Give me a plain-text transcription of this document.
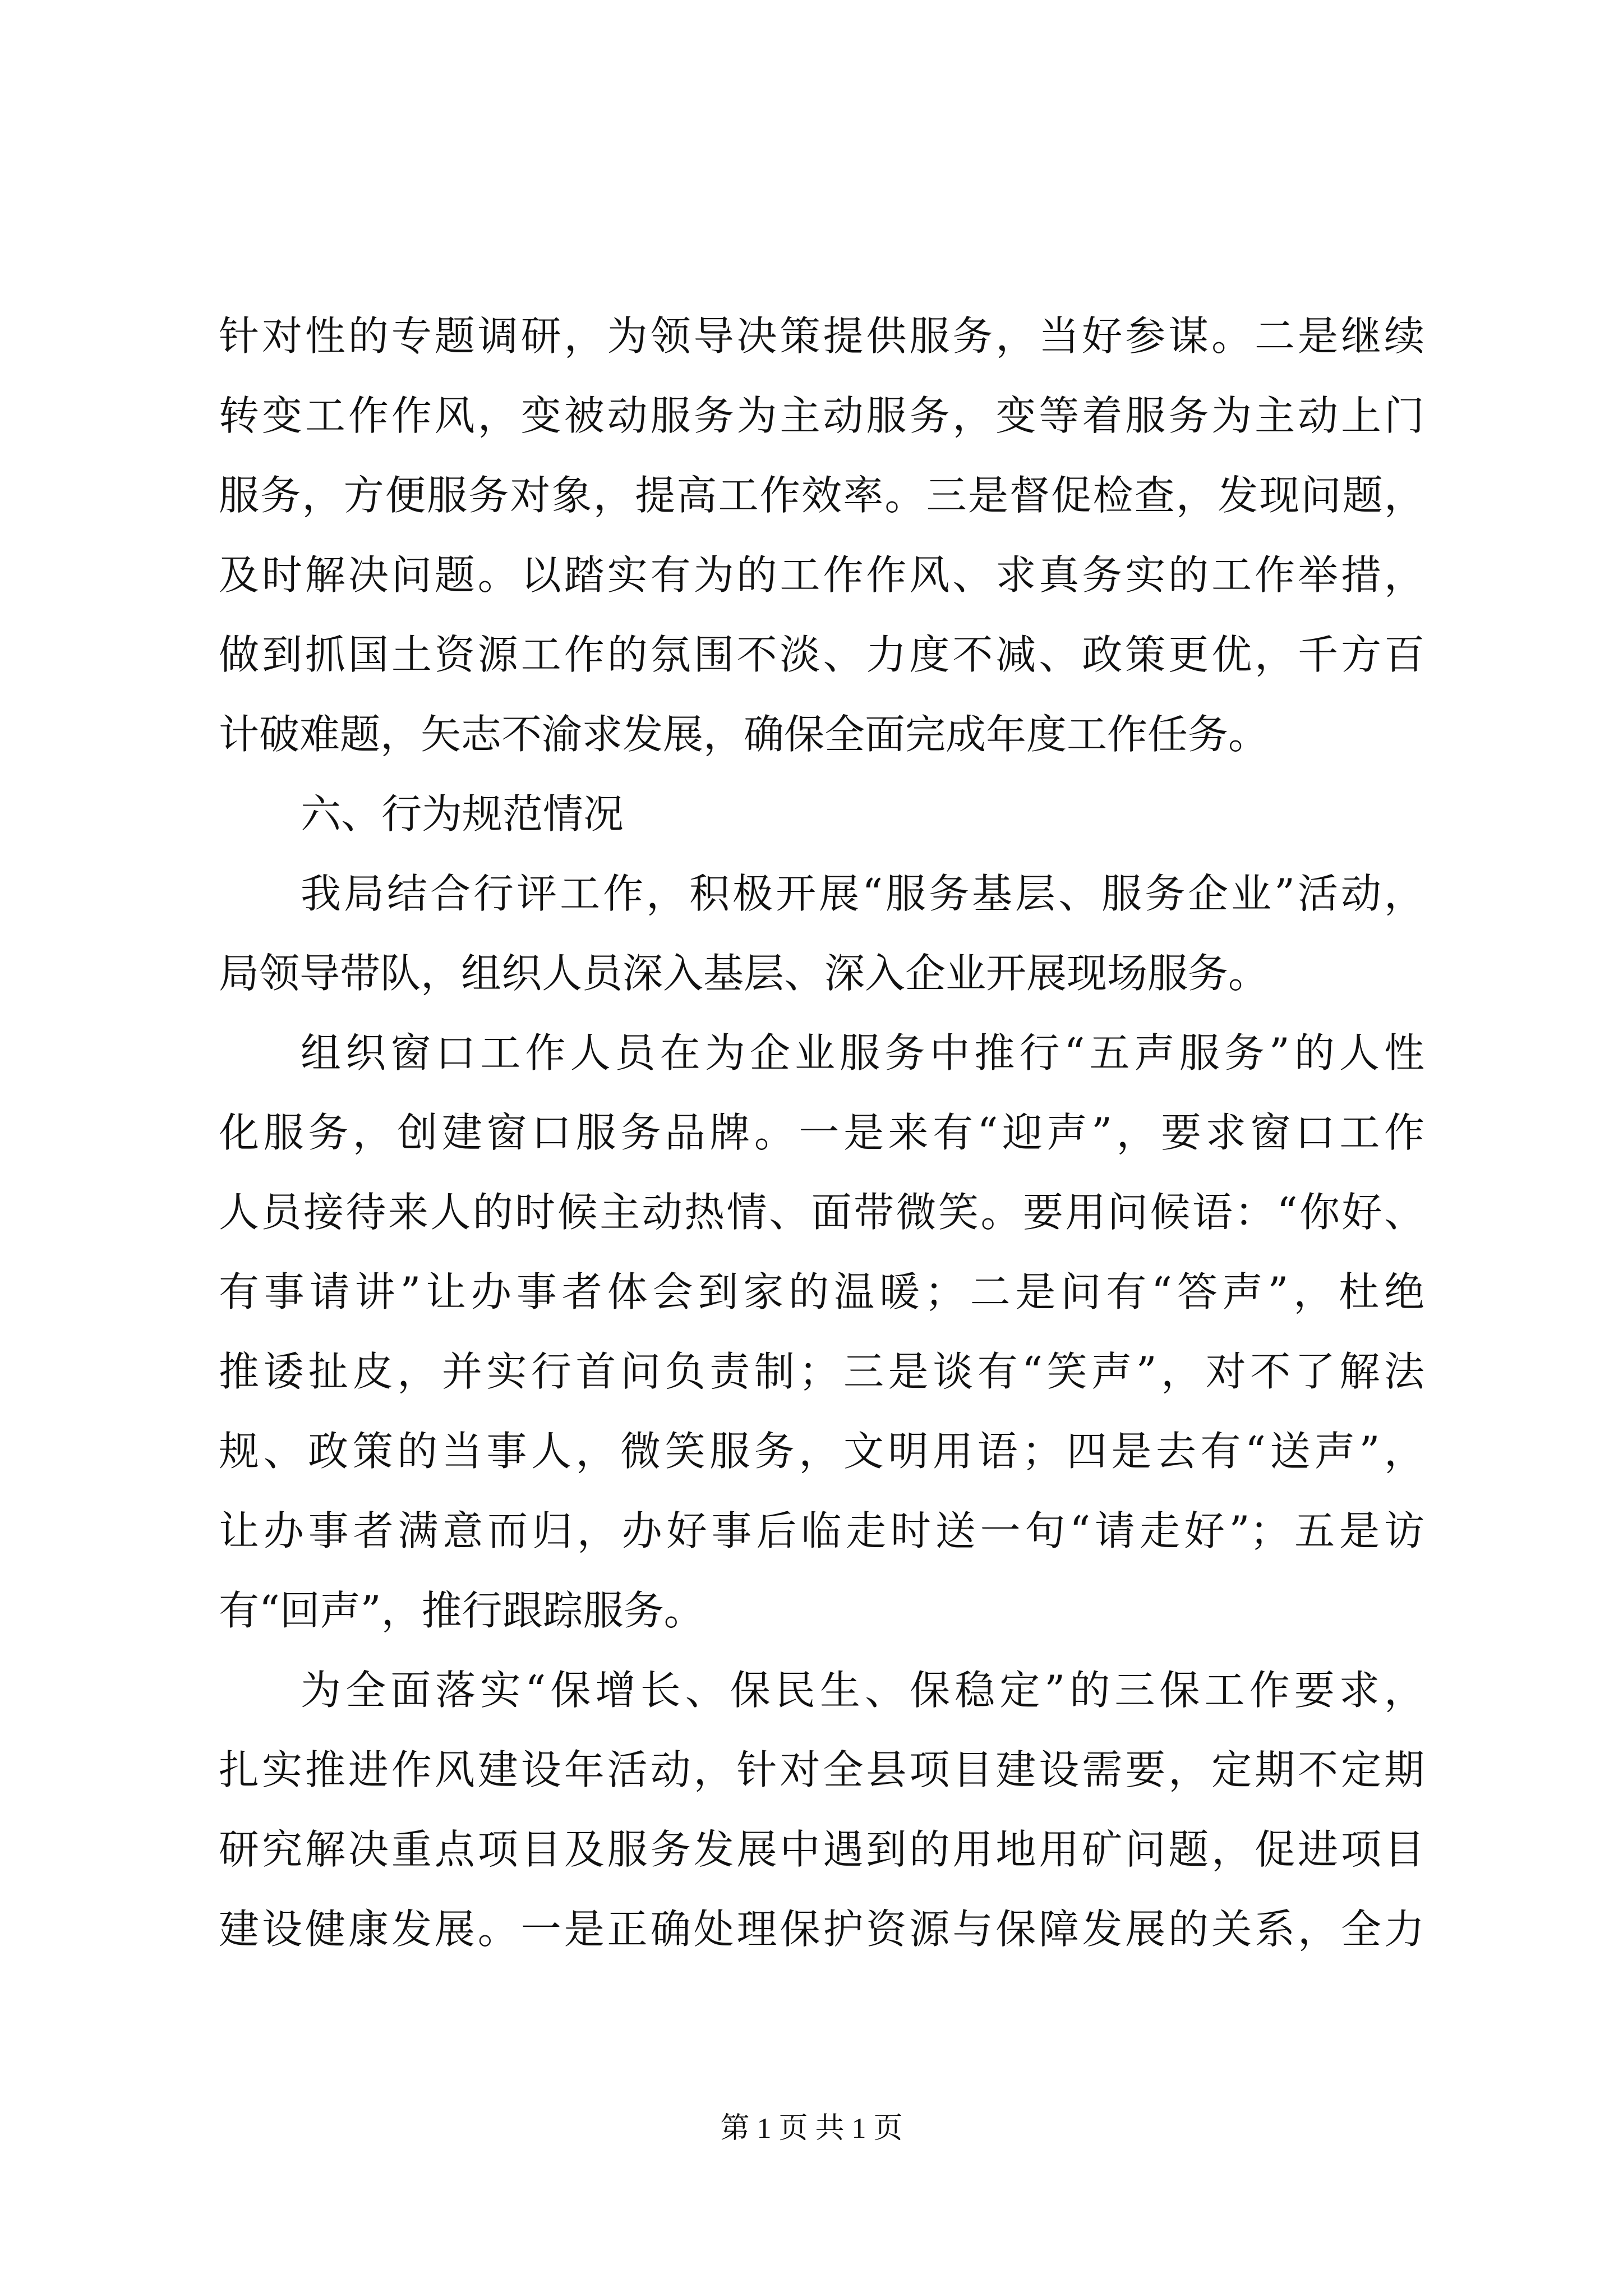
针对性的专题调研，为领导决策提供服务，当好参谋。二是继续
转变工作作风，变被动服务为主动服务，变等着服务为主动上门
服务，方便服务对象，提高工作效率。三是督促检查，发现问题，
及时解决问题。以踏实有为的工作作风、求真务实的工作举措，
做到抓国土资源工作的氛围不淡、力度不减、政策更优，千方百
计破难题，矢志不渝求发展，确保全面完成年度工作任务。
六、行为规范情况
我局结合行评工作，积极开展“服务基层、服务企业”活动，
局领导带队，组织人员深入基层、深入企业开展现场服务。
组织窗口工作人员在为企业服务中推行“五声服务”的人性
化服务，创建窗口服务品牌。一是来有“迎声”，要求窗口工作
人员接待来人的时候主动热情、面带微笑。要用问候语：“你好、
有事请讲”让办事者体会到家的温暖；二是问有“答声”，杜绝
推诿扯皮，并实行首问负责制；三是谈有“笑声”，对不了解法
规、政策的当事人，微笑服务，文明用语；四是去有“送声”，
让办事者满意而归，办好事后临走时送一句“请走好”；五是访
有“回声”，推行跟踪服务。
为全面落实“保增长、保民生、保稳定”的三保工作要求，
扎实推进作风建设年活动，针对全县项目建设需要，定期不定期
研究解决重点项目及服务发展中遇到的用地用矿问题，促进项目
建设健康发展。一是正确处理保护资源与保障发展的关系，全力
第 1 页 共 1 页
